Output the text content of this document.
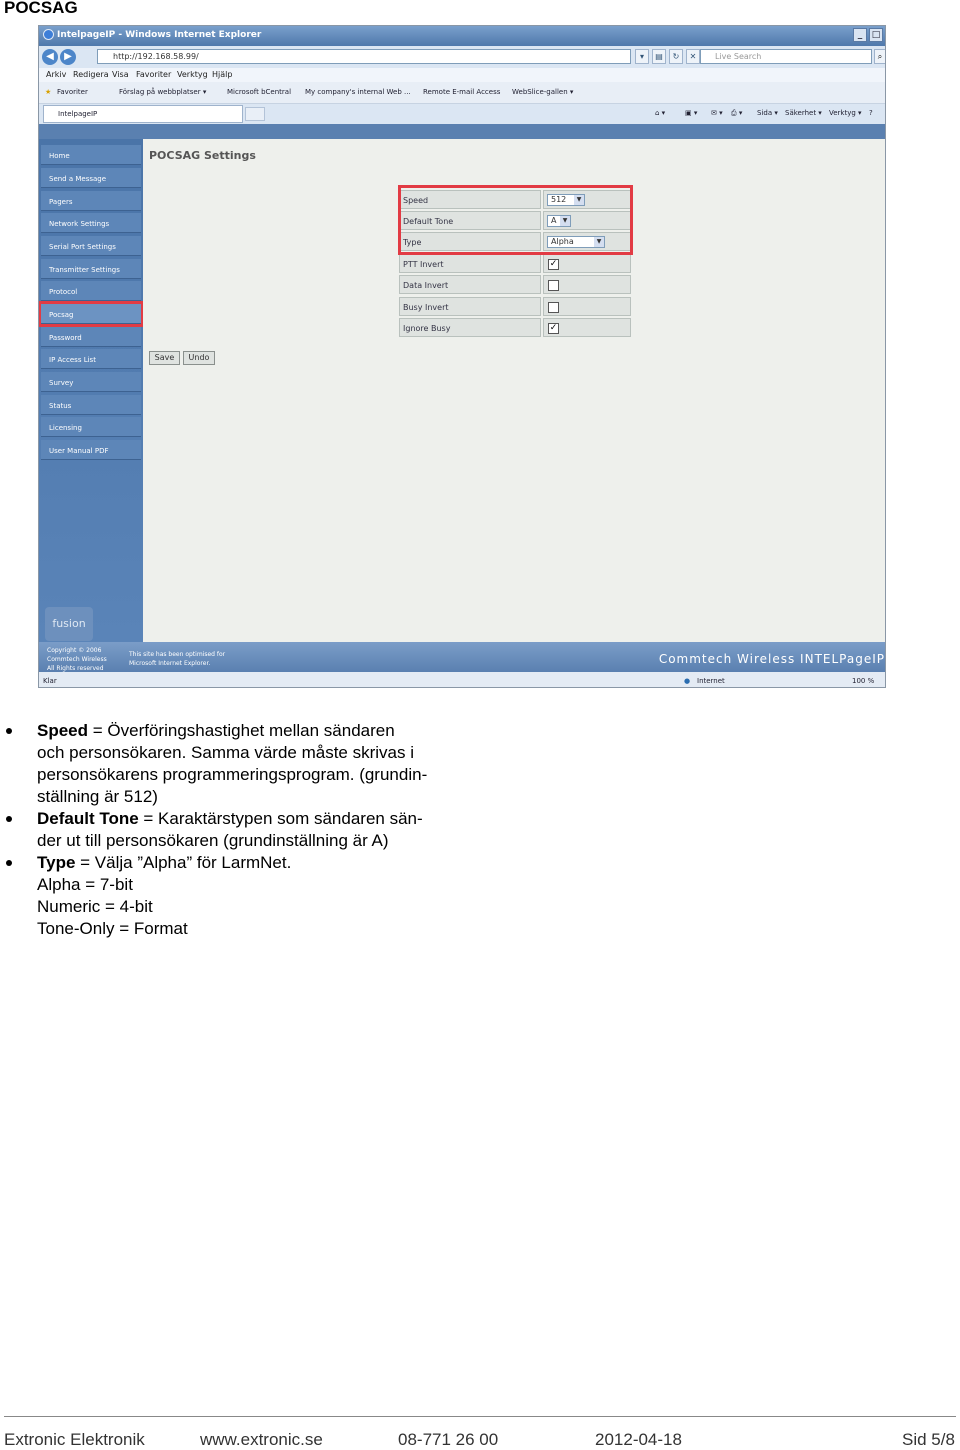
POCSAG
IntelpageIP - Windows Internet Explorer	_	□
◀	▶	http://192.168.58.99/	▾	▤	↻	✕	Live Search	⌕
Arkiv Redigera Visa Favoriter Verktyg Hjälp
★ Favoriter	Förslag på webbplatser ▾	Microsoft bCentral My company's internal Web ... Remote E-mail Access WebSlice-gallen ▾
IntelpageIP	⌂ ▾	▣ ▾ ✉ ▾ ⎙ ▾ Sida ▾ Säkerhet ▾ Verktyg ▾ ?
Home
Send a Message
Pagers
Network Settings
Serial Port Settings
Transmitter Settings
Protocol
Pocsag
Password
IP Access List
Survey
Status
Licensing
User Manual PDF
fusion
POCSAG Settings
Speed	512	▼
Default Tone	A	▼
Type	Alpha	▼
PTT Invert	✓
Data Invert
Busy Invert
Ignore Busy	✓
Save	Undo
Copyright © 2006
Commtech Wireless
All Rights reserved
This site has been optimised for
Microsoft Internet Explorer.	Commtech Wireless INTELPageIP
Klar	● Internet	100 %
Speed = Överföringshastighet mellan sändaren
och personsökaren. Samma värde måste skrivas i
personsökarens programmeringsprogram. (grundin-
ställning är 512)
Default Tone = Karaktärstypen som sändaren sän-
der ut till personsökaren (grundinställning är A)
Type = Välja ”Alpha” för LarmNet.
Alpha = 7-bit
Numeric = 4-bit
Tone-Only = Format
Extronic Elektronik	www.extronic.se	08-771 26 00	2012-04-18	Sid 5/8
